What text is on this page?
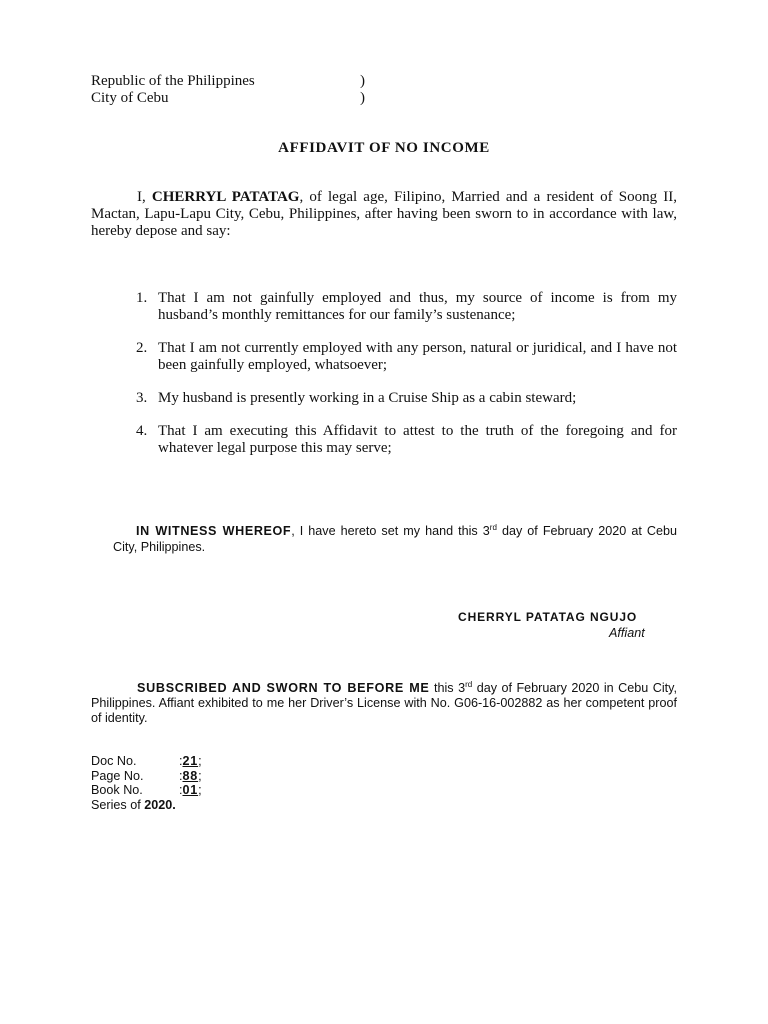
Republic of the Philippines	)
City of Cebu	)
AFFIDAVIT OF NO INCOME
I, CHERRYL PATATAG, of legal age, Filipino, Married and a resident of Soong II, Mactan, Lapu-Lapu City, Cebu, Philippines, after having been sworn to in accordance with law, hereby depose and say:
1. That I am not gainfully employed and thus, my source of income is from my husband’s monthly remittances for our family’s sustenance;
2. That I am not currently employed with any person, natural or juridical, and I have not been gainfully employed, whatsoever;
3. My husband is presently working in a Cruise Ship as a cabin steward;
4. That I am executing this Affidavit to attest to the truth of the foregoing and for whatever legal purpose this may serve;
IN WITNESS WHEREOF, I have hereto set my hand this 3rd day of February 2020 at Cebu City, Philippines.
CHERRYL PATATAG NGUJO
Affiant
SUBSCRIBED AND SWORN TO BEFORE ME this 3rd day of February 2020 in Cebu City, Philippines. Affiant exhibited to me her Driver’s License with No. G06-16-002882 as her competent proof of identity.
Doc No.	:21;
Page No.	:88;
Book No.	:01;
Series of 2020.
